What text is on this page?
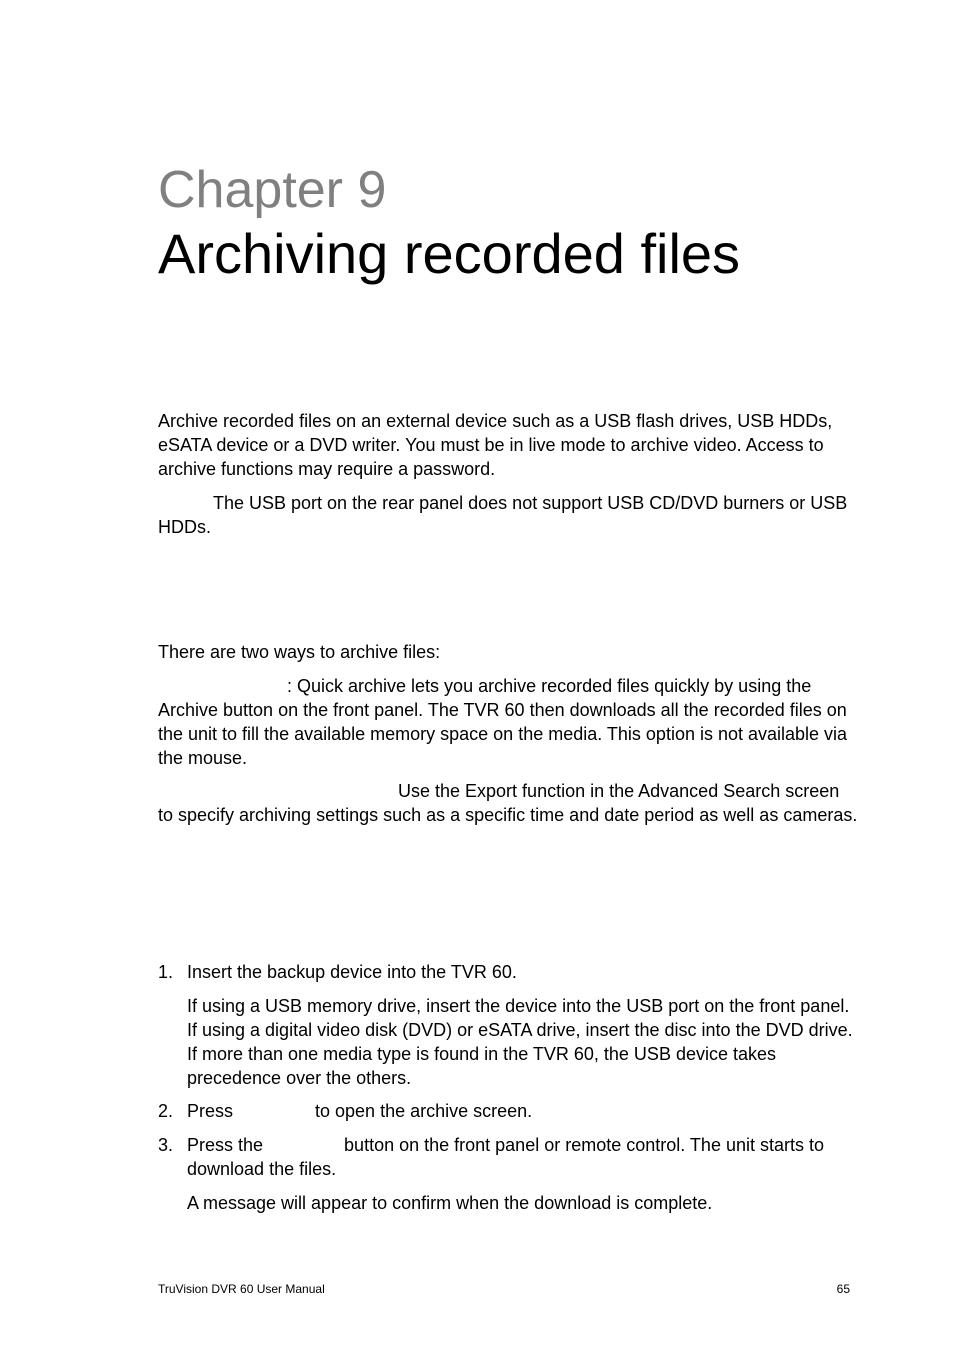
Chapter 9
Archiving recorded files

Archive recorded files on an external device such as a USB flash drives, USB HDDs, eSATA device or a DVD writer. You must be in live mode to archive video. Access to archive functions may require a password.

The USB port on the rear panel does not support USB CD/DVD burners or USB HDDs.

There are two ways to archive files:

: Quick archive lets you archive recorded files quickly by using the Archive button on the front panel. The TVR 60 then downloads all the recorded files on the unit to fill the available memory space on the media. This option is not available via the mouse.

Use the Export function in the Advanced Search screen to specify archiving settings such as a specific time and date period as well as cameras.

1. Insert the backup device into the TVR 60.
If using a USB memory drive, insert the device into the USB port on the front panel. If using a digital video disk (DVD) or eSATA drive, insert the disc into the DVD drive. If more than one media type is found in the TVR 60, the USB device takes precedence over the others.
2. Press	to open the archive screen.
3. Press the	button on the front panel or remote control. The unit starts to download the files.
A message will appear to confirm when the download is complete.
TruVision DVR 60 User Manual	65
